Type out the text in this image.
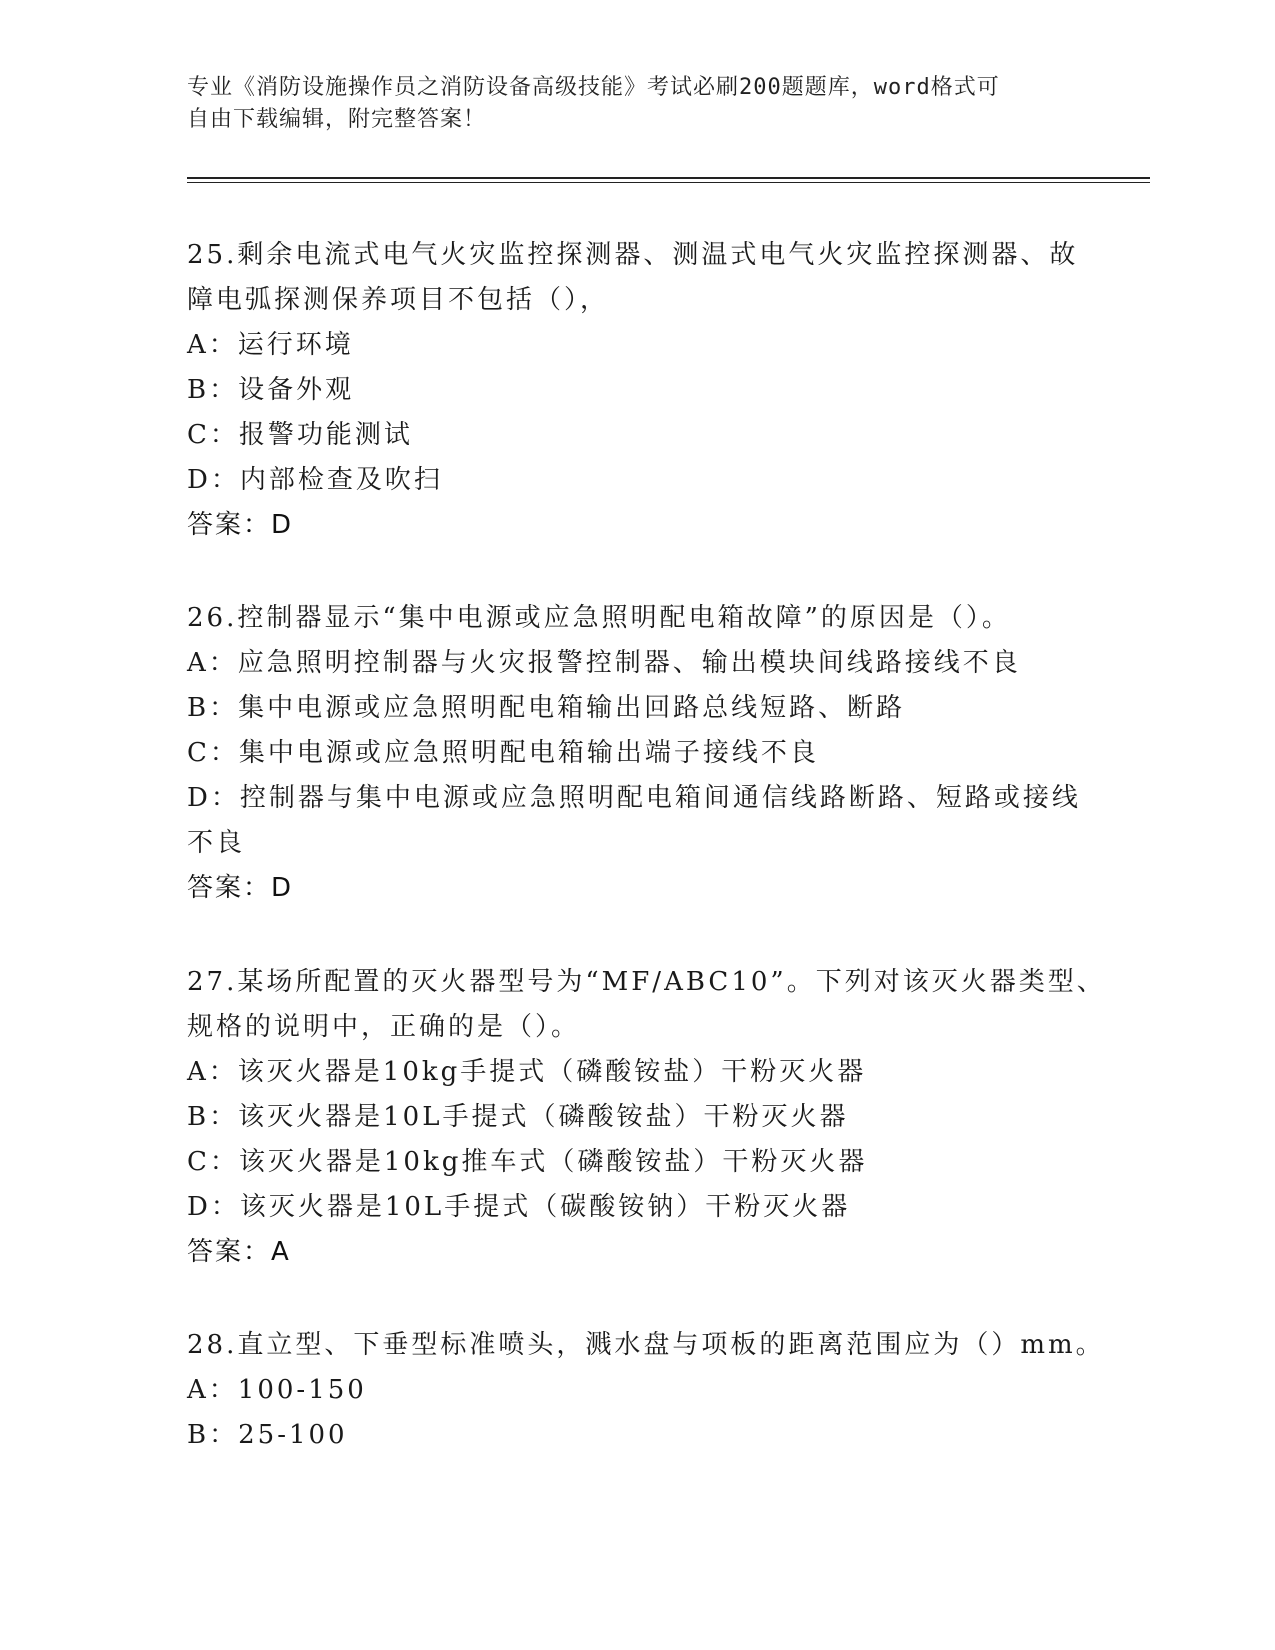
专业《消防设施操作员之消防设备高级技能》考试必刷200题题库，word格式可
自由下载编辑，附完整答案！
25.剩余电流式电气火灾监控探测器、测温式电气火灾监控探测器、故
障电弧探测保养项目不包括（），
A：运行环境
B：设备外观
C：报警功能测试
D：内部检查及吹扫
答案：D
26.控制器显示“集中电源或应急照明配电箱故障”的原因是（）。
A：应急照明控制器与火灾报警控制器、输出模块间线路接线不良
B：集中电源或应急照明配电箱输出回路总线短路、断路
C：集中电源或应急照明配电箱输出端子接线不良
D：控制器与集中电源或应急照明配电箱间通信线路断路、短路或接线
不良
答案：D
27.某场所配置的灭火器型号为“MF/ABC10”。下列对该灭火器类型、
规格的说明中，正确的是（）。
A：该灭火器是10kg手提式（磷酸铵盐）干粉灭火器
B：该灭火器是10L手提式（磷酸铵盐）干粉灭火器
C：该灭火器是10kg推车式（磷酸铵盐）干粉灭火器
D：该灭火器是10L手提式（碳酸铵钠）干粉灭火器
答案：A
28.直立型、下垂型标准喷头，溅水盘与项板的距离范围应为（）mm。
A：100-150
B：25-100
